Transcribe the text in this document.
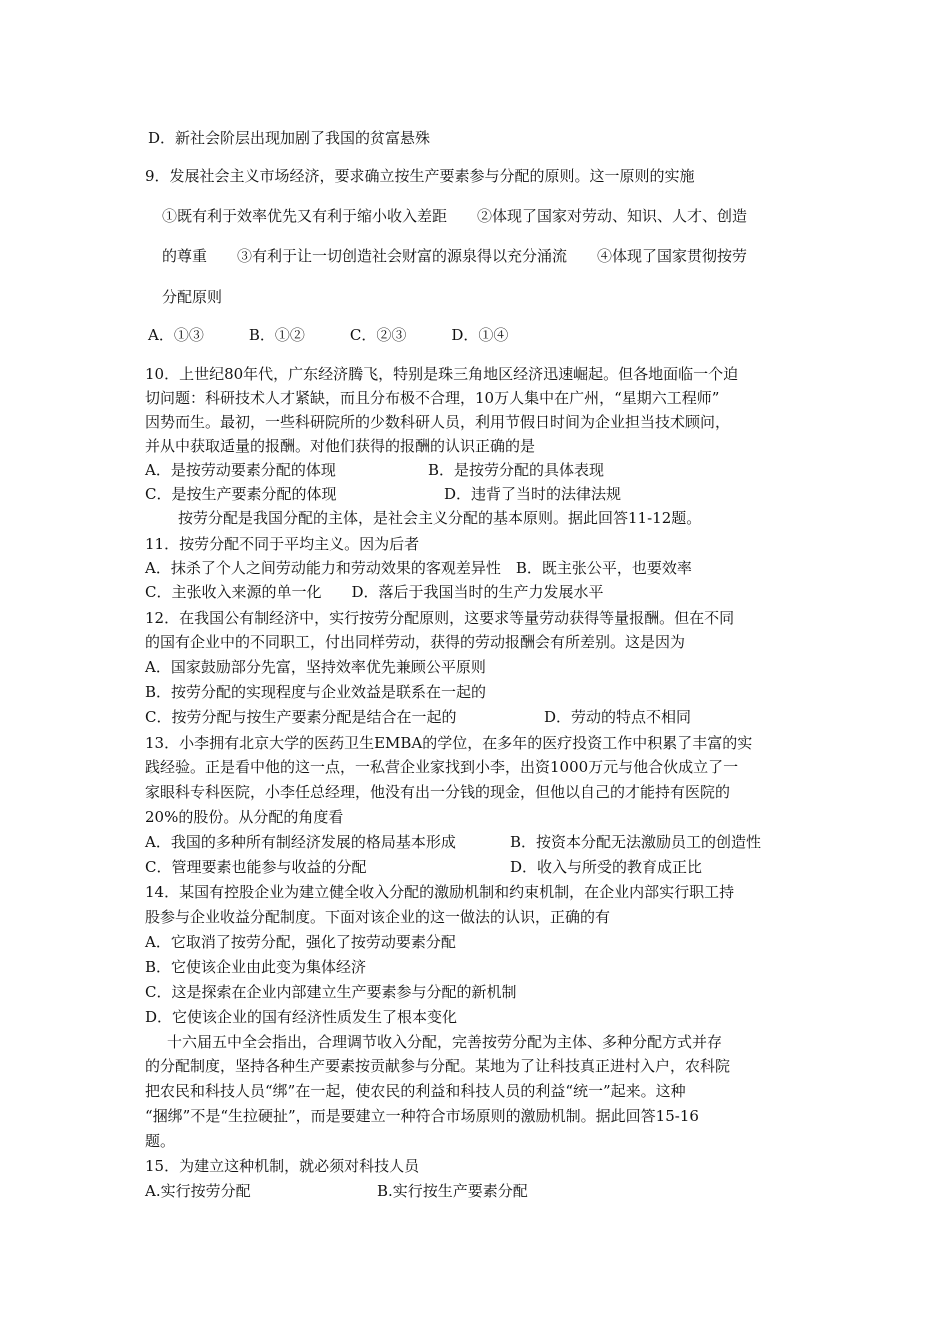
D．新社会阶层出现加剧了我国的贫富悬殊
9．发展社会主义市场经济，要求确立按生产要素参与分配的原则。这一原则的实施
①既有利于效率优先又有利于缩小收入差距　　②体现了国家对劳动、知识、人才、创造
的尊重　　③有利于让一切创造社会财富的源泉得以充分涌流　　④体现了国家贯彻按劳
分配原则
A．①③　　　B．①②　　　C．②③　　　D．①④
10．上世纪80年代，广东经济腾飞，特别是珠三角地区经济迅速崛起。但各地面临一个迫
切问题：科研技术人才紧缺，而且分布极不合理，10万人集中在广州，“星期六工程师”
因势而生。最初，一些科研院所的少数科研人员，利用节假日时间为企业担当技术顾问，
并从中获取适量的报酬。对他们获得的报酬的认识正确的是
A．是按劳动要素分配的体现	B．是按劳分配的具体表现
C．是按生产要素分配的体现	D．违背了当时的法律法规
按劳分配是我国分配的主体，是社会主义分配的基本原则。据此回答11-12题。
11．按劳分配不同于平均主义。因为后者
A．抹杀了个人之间劳动能力和劳动效果的客观差异性　B．既主张公平，也要效率
C．主张收入来源的单一化　　D．落后于我国当时的生产力发展水平
12．在我国公有制经济中，实行按劳分配原则，这要求等量劳动获得等量报酬。但在不同
的国有企业中的不同职工，付出同样劳动，获得的劳动报酬会有所差别。这是因为
A．国家鼓励部分先富，坚持效率优先兼顾公平原则
B．按劳分配的实现程度与企业效益是联系在一起的
C．按劳分配与按生产要素分配是结合在一起的	D．劳动的特点不相同
13．小李拥有北京大学的医药卫生EMBA的学位，在多年的医疗投资工作中积累了丰富的实
践经验。正是看中他的这一点，一私营企业家找到小李，出资1000万元与他合伙成立了一
家眼科专科医院，小李任总经理，他没有出一分钱的现金，但他以自己的才能持有医院的
20%的股份。从分配的角度看
A．我国的多种所有制经济发展的格局基本形成	B．按资本分配无法激励员工的创造性
C．管理要素也能参与收益的分配	D．收入与所受的教育成正比
14．某国有控股企业为建立健全收入分配的激励机制和约束机制，在企业内部实行职工持
股参与企业收益分配制度。下面对该企业的这一做法的认识，正确的有
A．它取消了按劳分配，强化了按劳动要素分配
B．它使该企业由此变为集体经济
C．这是探索在企业内部建立生产要素参与分配的新机制
D．它使该企业的国有经济性质发生了根本变化
十六届五中全会指出，合理调节收入分配，完善按劳分配为主体、多种分配方式并存
的分配制度，坚持各种生产要素按贡献参与分配。某地为了让科技真正进村入户，农科院
把农民和科技人员“绑”在一起，使农民的利益和科技人员的利益“统一”起来。这种
“捆绑”不是“生拉硬扯”，而是要建立一种符合市场原则的激励机制。据此回答15-16
题。
15．为建立这种机制，就必须对科技人员
A.实行按劳分配	B.实行按生产要素分配
